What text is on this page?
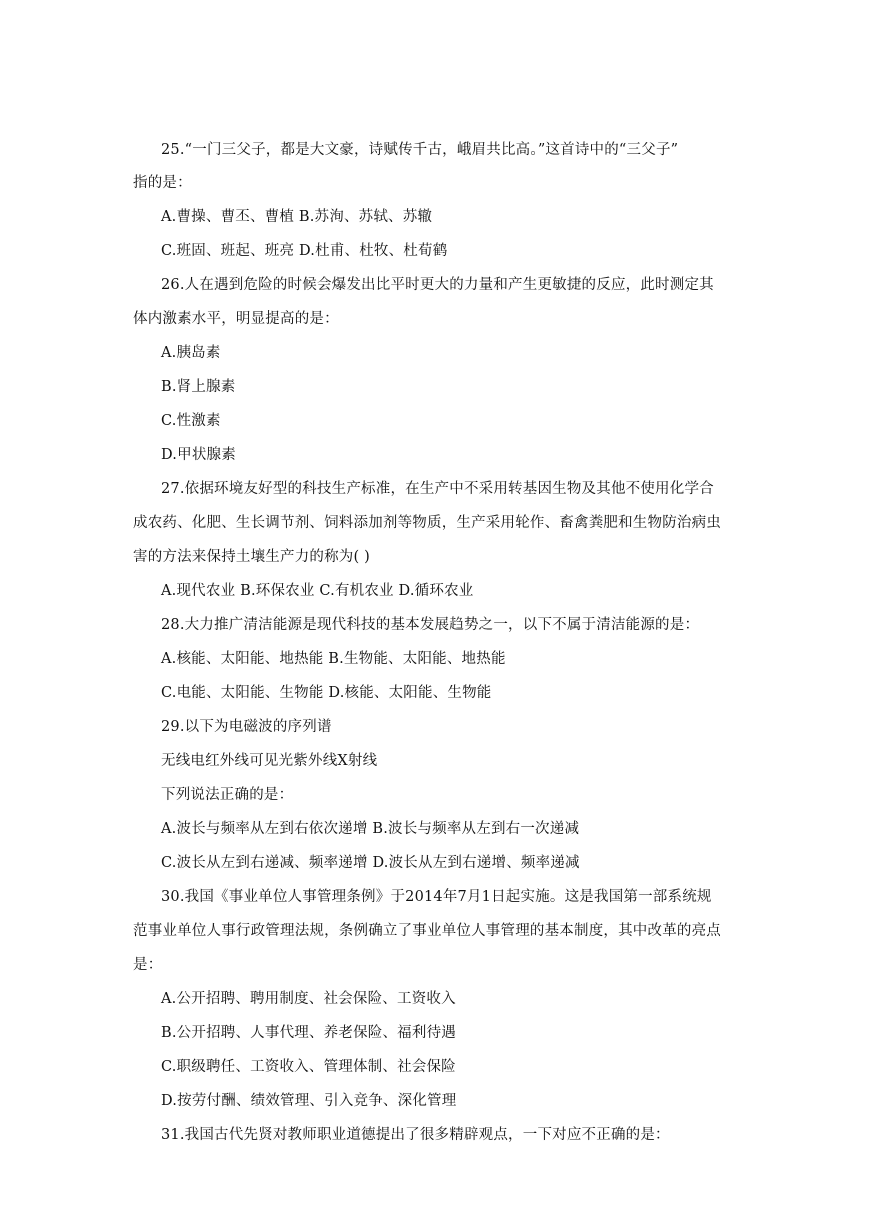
25.“一门三父子，都是大文豪，诗赋传千古，峨眉共比高。”这首诗中的“三父子”
指的是：
A.曹操、曹丕、曹植 B.苏洵、苏轼、苏辙
C.班固、班起、班亮 D.杜甫、杜牧、杜荀鹤
26.人在遇到危险的时候会爆发出比平时更大的力量和产生更敏捷的反应，此时测定其
体内激素水平，明显提高的是：
A.胰岛素
B.肾上腺素
C.性激素
D.甲状腺素
27.依据环境友好型的科技生产标准，在生产中不采用转基因生物及其他不使用化学合
成农药、化肥、生长调节剂、饲料添加剂等物质，生产采用轮作、畜禽粪肥和生物防治病虫
害的方法来保持土壤生产力的称为( )
A.现代农业 B.环保农业 C.有机农业 D.循环农业
28.大力推广清洁能源是现代科技的基本发展趋势之一，以下不属于清洁能源的是：
A.核能、太阳能、地热能 B.生物能、太阳能、地热能
C.电能、太阳能、生物能 D.核能、太阳能、生物能
29.以下为电磁波的序列谱
无线电红外线可见光紫外线X射线
下列说法正确的是：
A.波长与频率从左到右依次递增 B.波长与频率从左到右一次递减
C.波长从左到右递减、频率递增 D.波长从左到右递增、频率递减
30.我国《事业单位人事管理条例》于2014年7月1日起实施。这是我国第一部系统规
范事业单位人事行政管理法规，条例确立了事业单位人事管理的基本制度，其中改革的亮点
是：
A.公开招聘、聘用制度、社会保险、工资收入
B.公开招聘、人事代理、养老保险、福利待遇
C.职级聘任、工资收入、管理体制、社会保险
D.按劳付酬、绩效管理、引入竞争、深化管理
31.我国古代先贤对教师职业道德提出了很多精辟观点，一下对应不正确的是：
